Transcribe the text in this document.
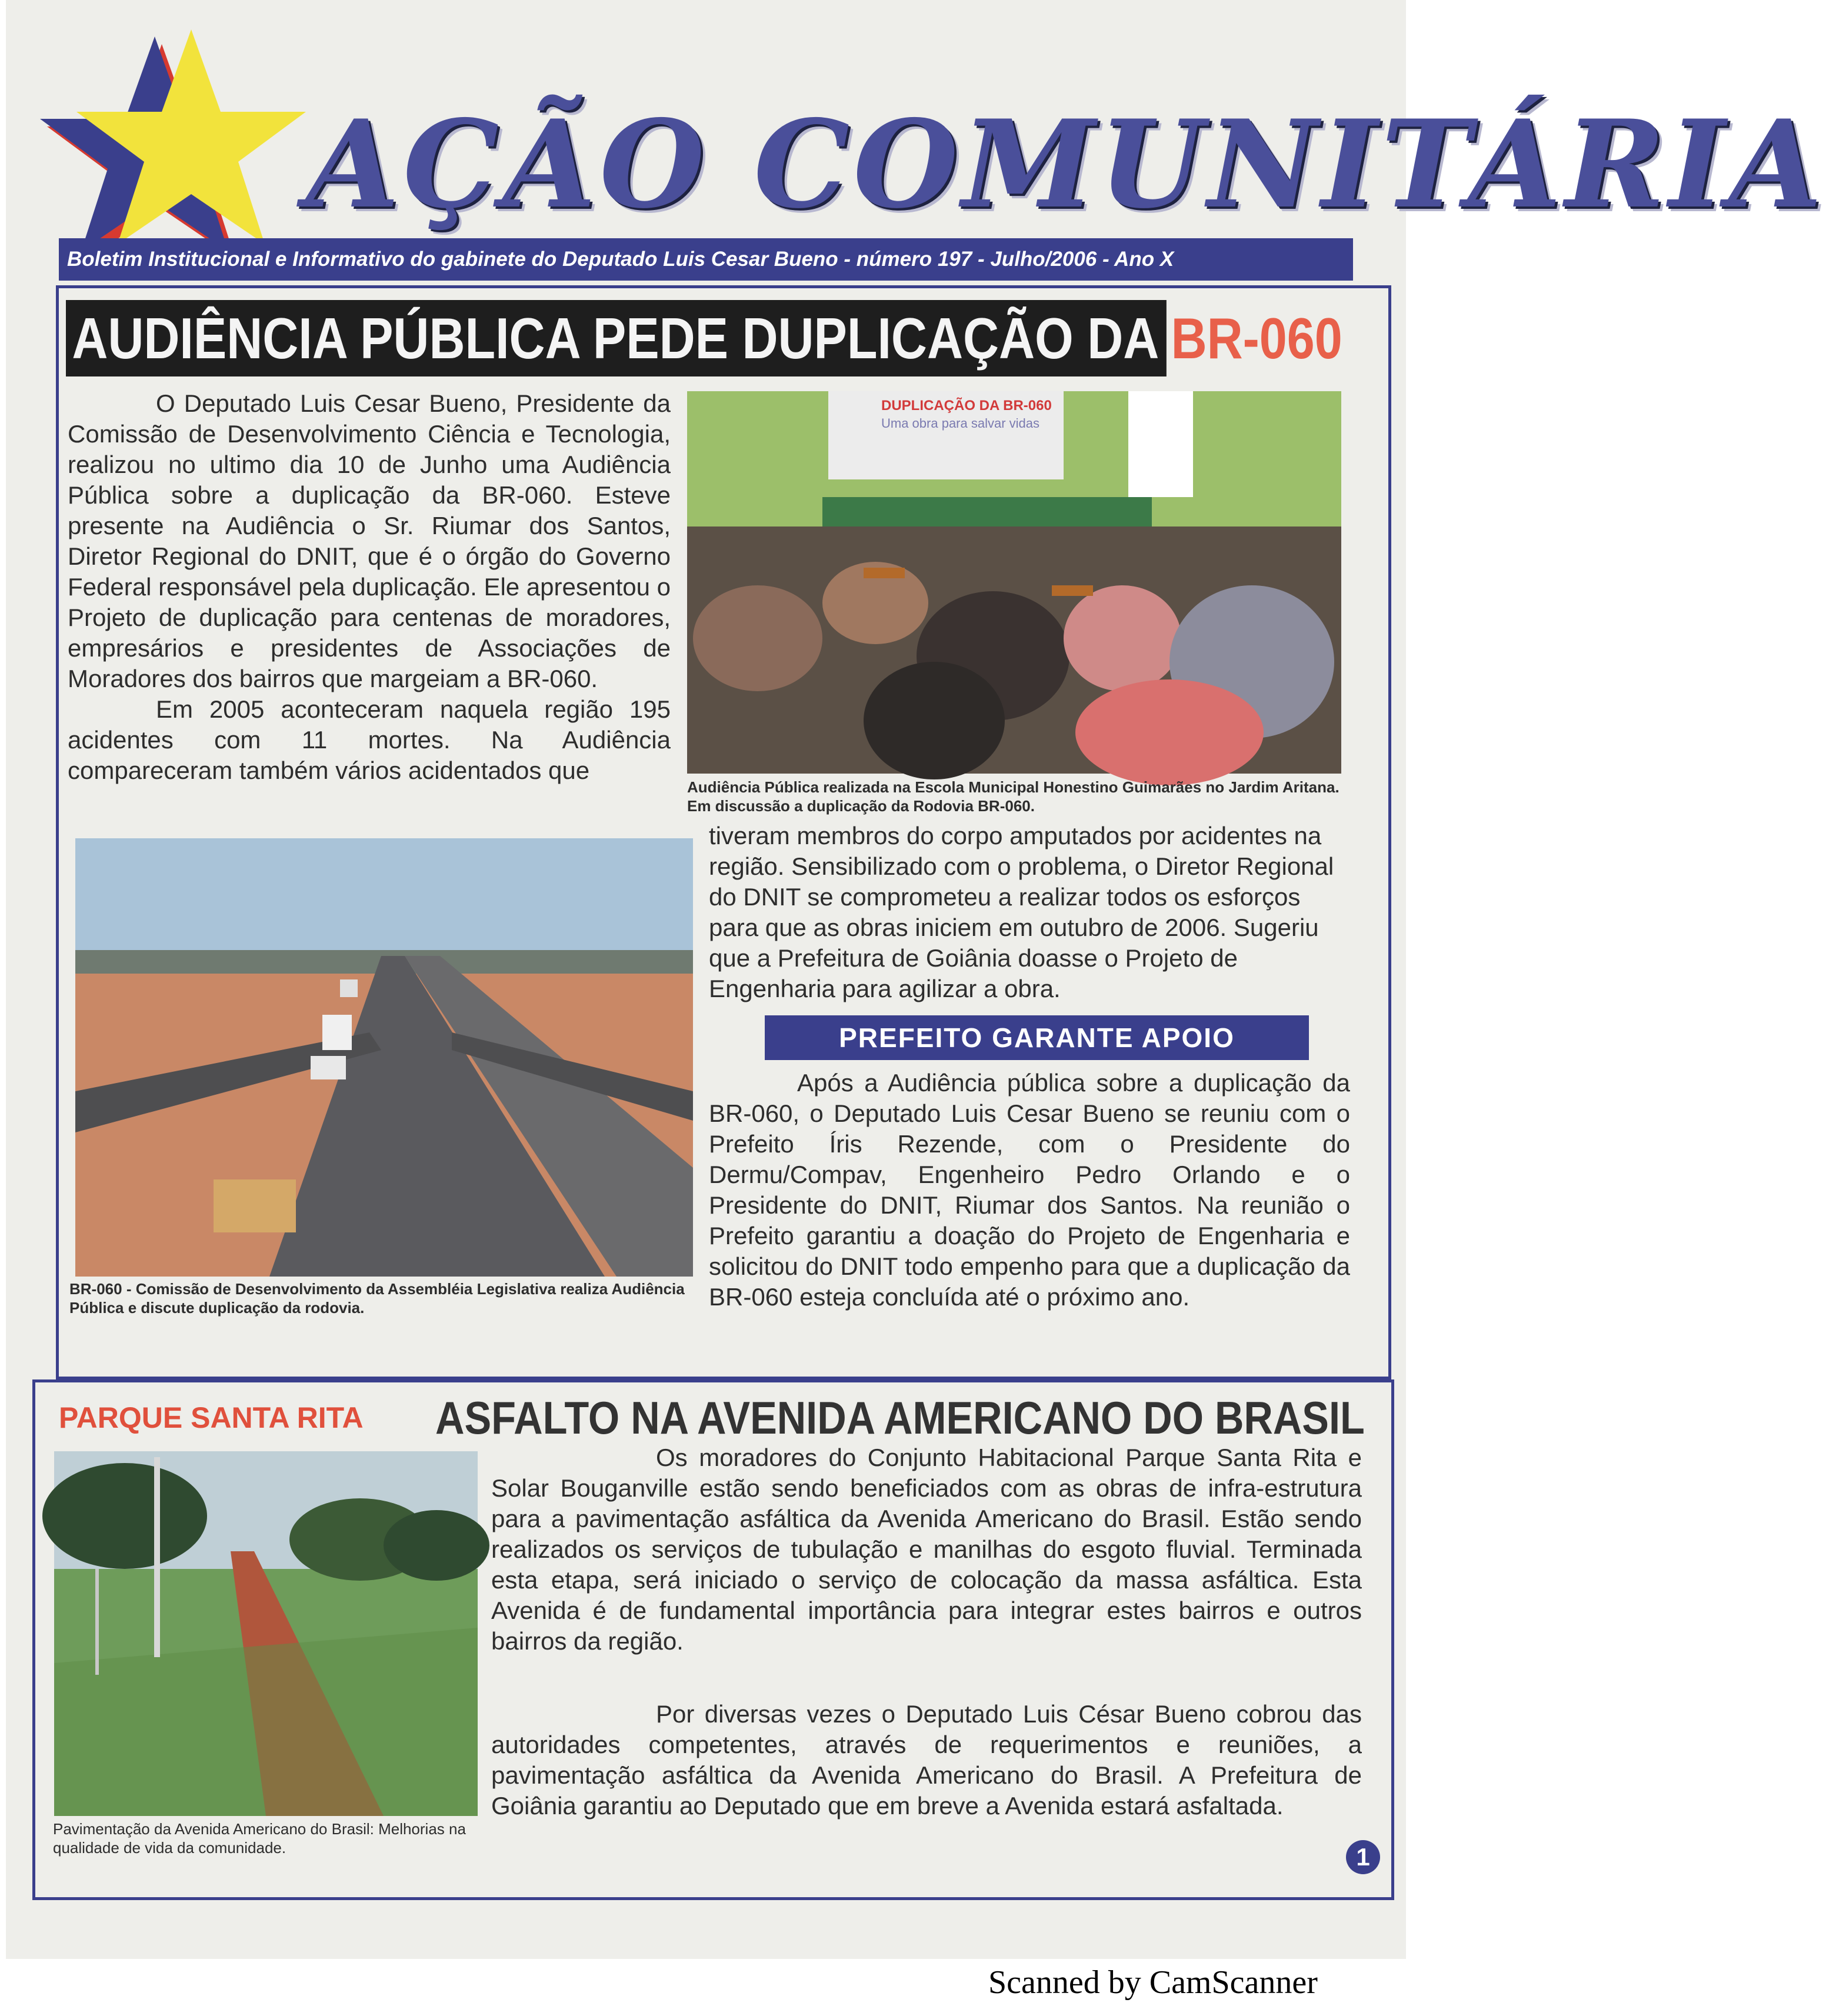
AÇÃO COMUNITÁRIA
Boletim Institucional e Informativo do gabinete do Deputado Luis Cesar Bueno - número 197 - Julho/2006 - Ano X
AUDIÊNCIA PÚBLICA PEDE DUPLICAÇÃO DA BR-060

O Deputado Luis Cesar Bueno, Presidente da Comissão de Desenvolvimento Ciência e Tecnologia, realizou no ultimo dia 10 de Junho uma Audiência Pública sobre a duplicação da BR-060. Esteve presente na Audiência o Sr. Riumar dos Santos, Diretor Regional do DNIT, que é o órgão do Governo Federal responsável pela duplicação. Ele apresentou o Projeto de duplicação para centenas de moradores, empresários e presidentes de Associações de Moradores dos bairros que margeiam a BR-060.

Em 2005 aconteceram naquela região 195 acidentes com 11 mortes. Na Audiência compareceram também vários acidentados que

DUPLICAÇÃO DA BR-060
Uma obra para salvar vidas
Audiência Pública realizada na Escola Municipal Honestino Guimarães no Jardim Aritana. Em discussão a duplicação da Rodovia BR-060.
BR-060 - Comissão de Desenvolvimento da Assembléia Legislativa realiza Audiência Pública e discute duplicação da rodovia.

tiveram membros do corpo amputados por acidentes na região. Sensibilizado com o problema, o Diretor Regional do DNIT se comprometeu a realizar todos os esforços para que as obras iniciem em outubro de 2006. Sugeriu que a Prefeitura de Goiânia doasse o Projeto de Engenharia para agilizar a obra.

PREFEITO GARANTE APOIO

Após a Audiência pública sobre a duplicação da BR-060, o Deputado Luis Cesar Bueno se reuniu com o Prefeito Íris Rezende, com o Presidente do Dermu/Compav, Engenheiro Pedro Orlando e o Presidente do DNIT, Riumar dos Santos. Na reunião o Prefeito garantiu a doação do Projeto de Engenharia e solicitou do DNIT todo empenho para que a duplicação da BR-060 esteja concluída até o próximo ano.

PARQUE SANTA RITA	ASFALTO NA AVENIDA AMERICANO DO BRASIL
Pavimentação da Avenida Americano do Brasil: Melhorias na qualidade de vida da comunidade.

Os moradores do Conjunto Habitacional Parque Santa Rita e Solar Bouganville estão sendo beneficiados com as obras de infra-estrutura para a pavimentação asfáltica da Avenida Americano do Brasil. Estão sendo realizados os serviços de tubulação e manilhas do esgoto fluvial. Terminada esta etapa, será iniciado o serviço de colocação da massa asfáltica. Esta Avenida é de fundamental importância para integrar estes bairros e outros bairros da região.

Por diversas vezes o Deputado Luis César Bueno cobrou das autoridades competentes, através de requerimentos e reuniões, a pavimentação asfáltica da Avenida Americano do Brasil. A Prefeitura de Goiânia garantiu ao Deputado que em breve a Avenida estará asfaltada.

1
Scanned by CamScanner
